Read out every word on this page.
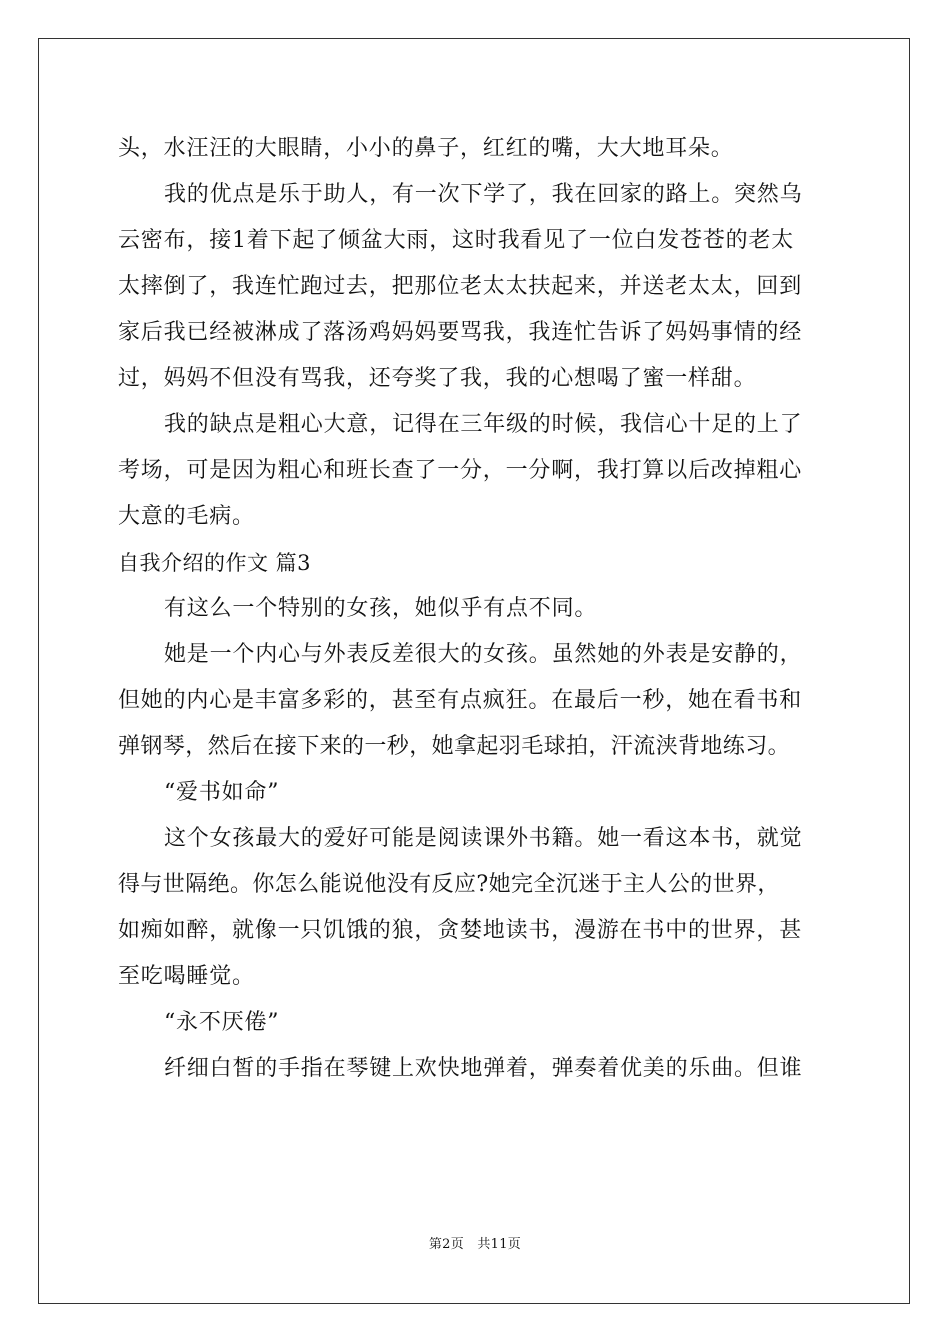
头，水汪汪的大眼睛，小小的鼻子，红红的嘴，大大地耳朵。
我的优点是乐于助人，有一次下学了，我在回家的路上。突然乌
云密布，接1着下起了倾盆大雨，这时我看见了一位白发苍苍的老太
太摔倒了，我连忙跑过去，把那位老太太扶起来，并送老太太，回到
家后我已经被淋成了落汤鸡妈妈要骂我，我连忙告诉了妈妈事情的经
过，妈妈不但没有骂我，还夸奖了我，我的心想喝了蜜一样甜。
我的缺点是粗心大意，记得在三年级的时候，我信心十足的上了
考场，可是因为粗心和班长查了一分，一分啊，我打算以后改掉粗心
大意的毛病。
自我介绍的作文 篇3
有这么一个特别的女孩，她似乎有点不同。
她是一个内心与外表反差很大的女孩。虽然她的外表是安静的，
但她的内心是丰富多彩的，甚至有点疯狂。在最后一秒，她在看书和
弹钢琴，然后在接下来的一秒，她拿起羽毛球拍，汗流浃背地练习。
“爱书如命”
这个女孩最大的爱好可能是阅读课外书籍。她一看这本书，就觉
得与世隔绝。你怎么能说他没有反应?她完全沉迷于主人公的世界，
如痴如醉，就像一只饥饿的狼，贪婪地读书，漫游在书中的世界，甚
至吃喝睡觉。
“永不厌倦”
纤细白皙的手指在琴键上欢快地弹着，弹奏着优美的乐曲。但谁
第2页 共11页
